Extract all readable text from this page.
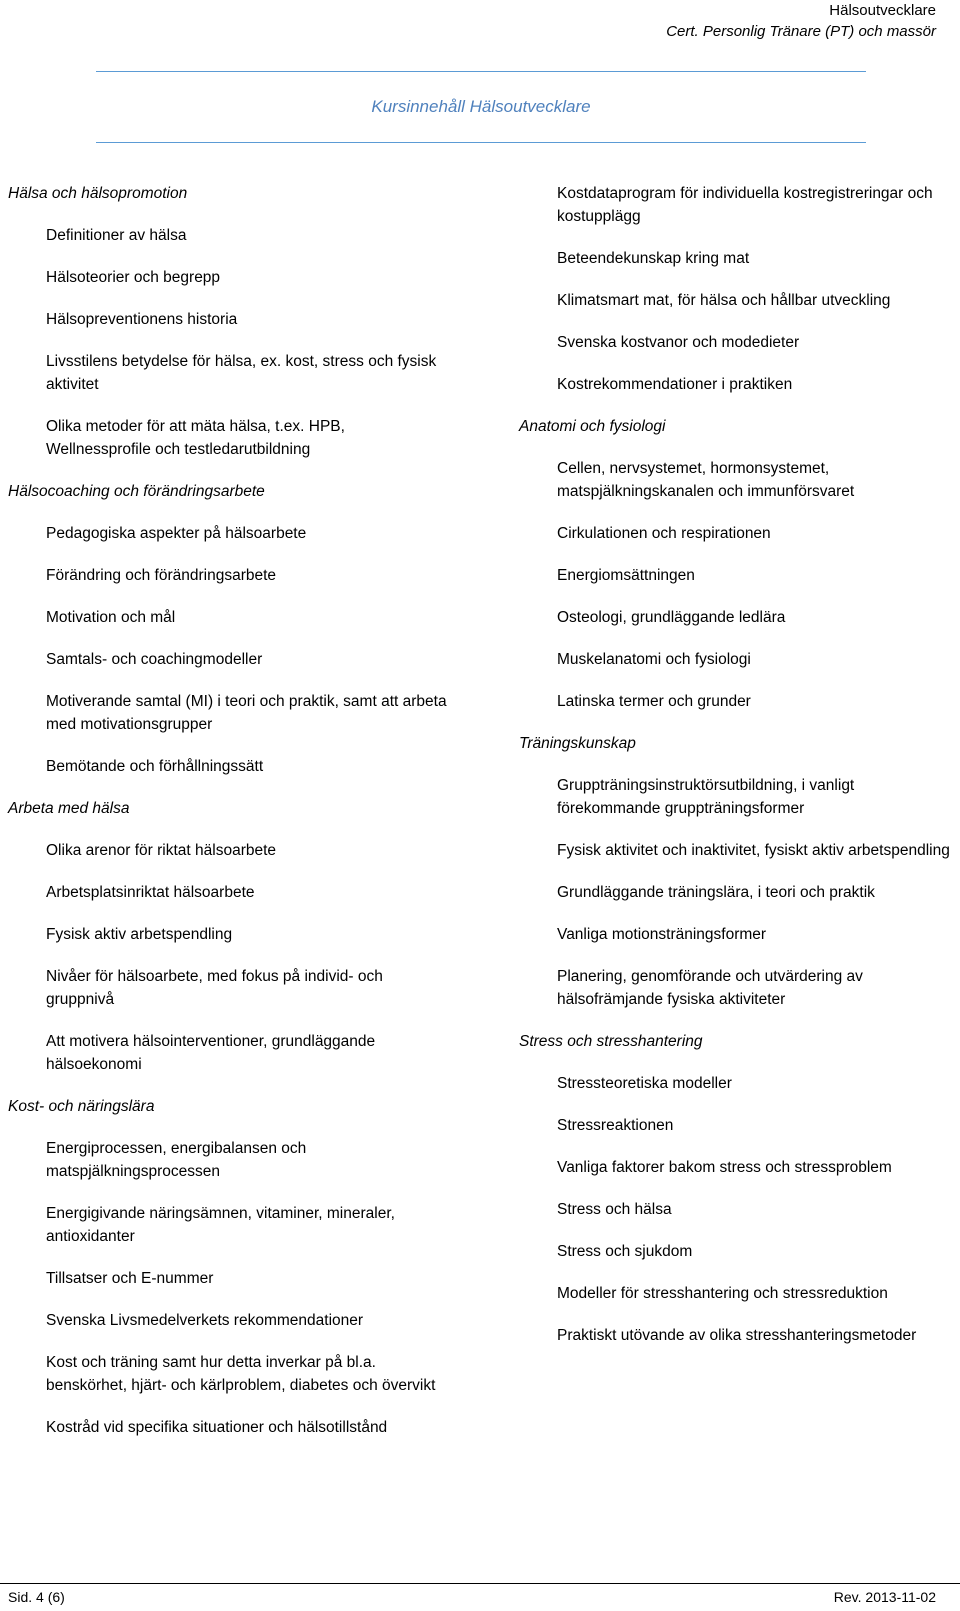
Hälsoutvecklare
Cert. Personlig Tränare (PT) och massör
Kursinnehåll Hälsoutvecklare
Hälsa och hälsopromotion
Definitioner av hälsa
Hälsoteorier och begrepp
Hälsopreventionens historia
Livsstilens betydelse för hälsa, ex. kost, stress och fysisk aktivitet
Olika metoder för att mäta hälsa, t.ex. HPB, Wellnessprofile och testledarutbildning
Hälsocoaching och förändringsarbete
Pedagogiska aspekter på hälsoarbete
Förändring och förändringsarbete
Motivation och mål
Samtals- och coachingmodeller
Motiverande samtal (MI) i teori och praktik, samt att arbeta med motivationsgrupper
Bemötande och förhållningssätt
Arbeta med hälsa
Olika arenor för riktat hälsoarbete
Arbetsplatsinriktat hälsoarbete
Fysisk aktiv arbetspendling
Nivåer för hälsoarbete, med fokus på individ- och gruppnivå
Att motivera hälsointerventioner, grundläggande hälsoekonomi
Kost- och näringslära
Energiprocessen, energibalansen och matspjälkningsprocessen
Energigivande näringsämnen, vitaminer, mineraler, antioxidanter
Tillsatser och E-nummer
Svenska Livsmedelverkets rekommendationer
Kost och träning samt hur detta inverkar på bl.a. benskörhet, hjärt- och kärlproblem, diabetes och övervikt
Kostråd vid specifika situationer och hälsotillstånd
Kostdataprogram för individuella kostregistreringar och kostupplägg
Beteendekunskap kring mat
Klimatsmart mat, för hälsa och hållbar utveckling
Svenska kostvanor och modedieter
Kostrekommendationer i praktiken
Anatomi och fysiologi
Cellen, nervsystemet, hormonsystemet, matspjälkningskanalen och immunförsvaret
Cirkulationen och respirationen
Energiomsättningen
Osteologi, grundläggande ledlära
Muskelanatomi och fysiologi
Latinska termer och grunder
Träningskunskap
Gruppträningsinstruktörsutbildning, i vanligt förekommande gruppträningsformer
Fysisk aktivitet och inaktivitet, fysiskt aktiv arbetspendling
Grundläggande träningslära, i teori och praktik
Vanliga motionsträningsformer
Planering, genomförande och utvärdering av hälsofrämjande fysiska aktiviteter
Stress och stresshantering
Stressteoretiska modeller
Stressreaktionen
Vanliga faktorer bakom stress och stressproblem
Stress och hälsa
Stress och sjukdom
Modeller för stresshantering och stressreduktion
Praktiskt utövande av olika stresshanteringsmetoder
Sid. 4 (6)	Rev. 2013-11-02
